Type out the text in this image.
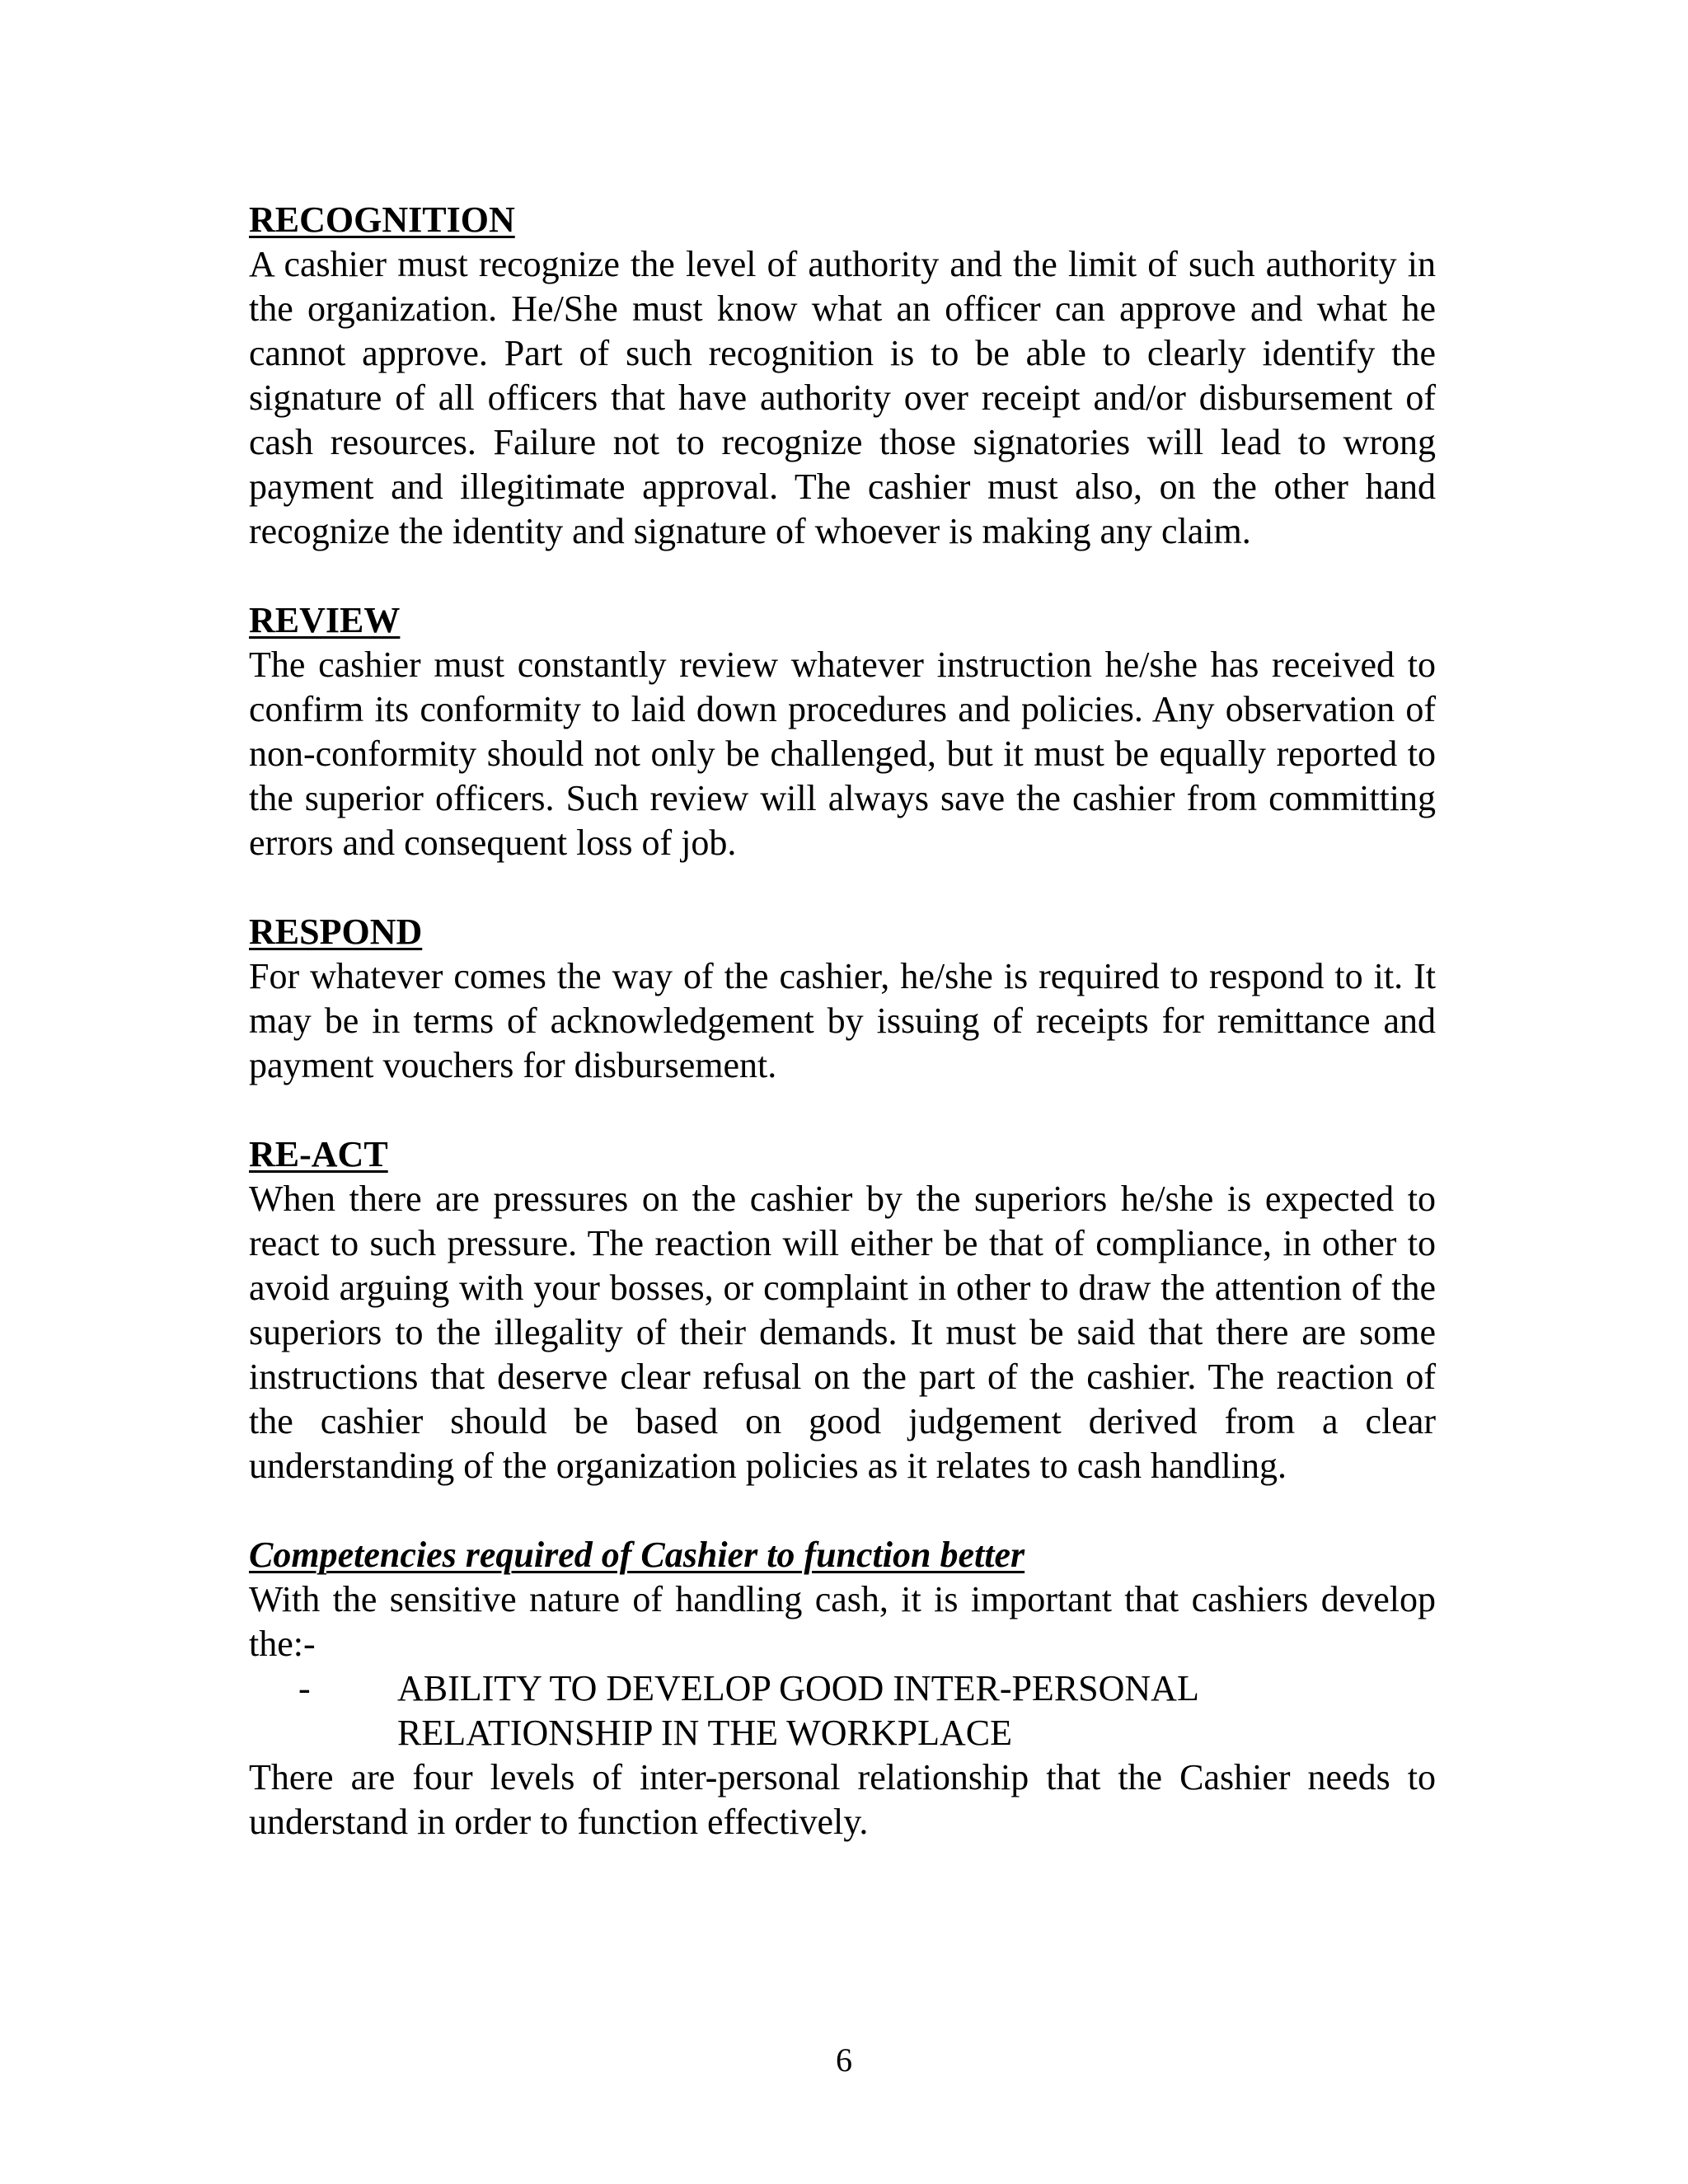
RECOGNITION

A cashier must recognize the level of authority and the limit of such authority in the organization. He/She must know what an officer can approve and what he cannot approve. Part of such recognition is to be able to clearly identify the signature of all officers that have authority over receipt and/or disbursement of cash resources. Failure not to recognize those signatories will lead to wrong payment and illegitimate approval. The cashier must also, on the other hand recognize the identity and signature of whoever is making any claim.

REVIEW

The cashier must constantly review whatever instruction he/she has received to confirm its conformity to laid down procedures and policies. Any observation of non-conformity should not only be challenged, but it must be equally reported to the superior officers. Such review will always save the cashier from committing errors and consequent loss of job.

RESPOND

For whatever comes the way of the cashier, he/she is required to respond to it. It may be in terms of acknowledgement by issuing of receipts for remittance and payment vouchers for disbursement.

RE-ACT

When there are pressures on the cashier by the superiors he/she is expected to react to such pressure. The reaction will either be that of compliance, in other to avoid arguing with your bosses, or complaint in other to draw the attention of the superiors to the illegality of their demands. It must be said that there are some instructions that deserve clear refusal on the part of the cashier. The reaction of the cashier should be based on good judgement derived from a clear understanding of the organization policies as it relates to cash handling.

Competencies required of Cashier to function better

With the sensitive nature of handling cash, it is important that cashiers develop the:-

-	ABILITY TO DEVELOP GOOD INTER-PERSONAL
RELATIONSHIP IN THE WORKPLACE

There are four levels of inter-personal relationship that the Cashier needs to understand in order to function effectively.

6
